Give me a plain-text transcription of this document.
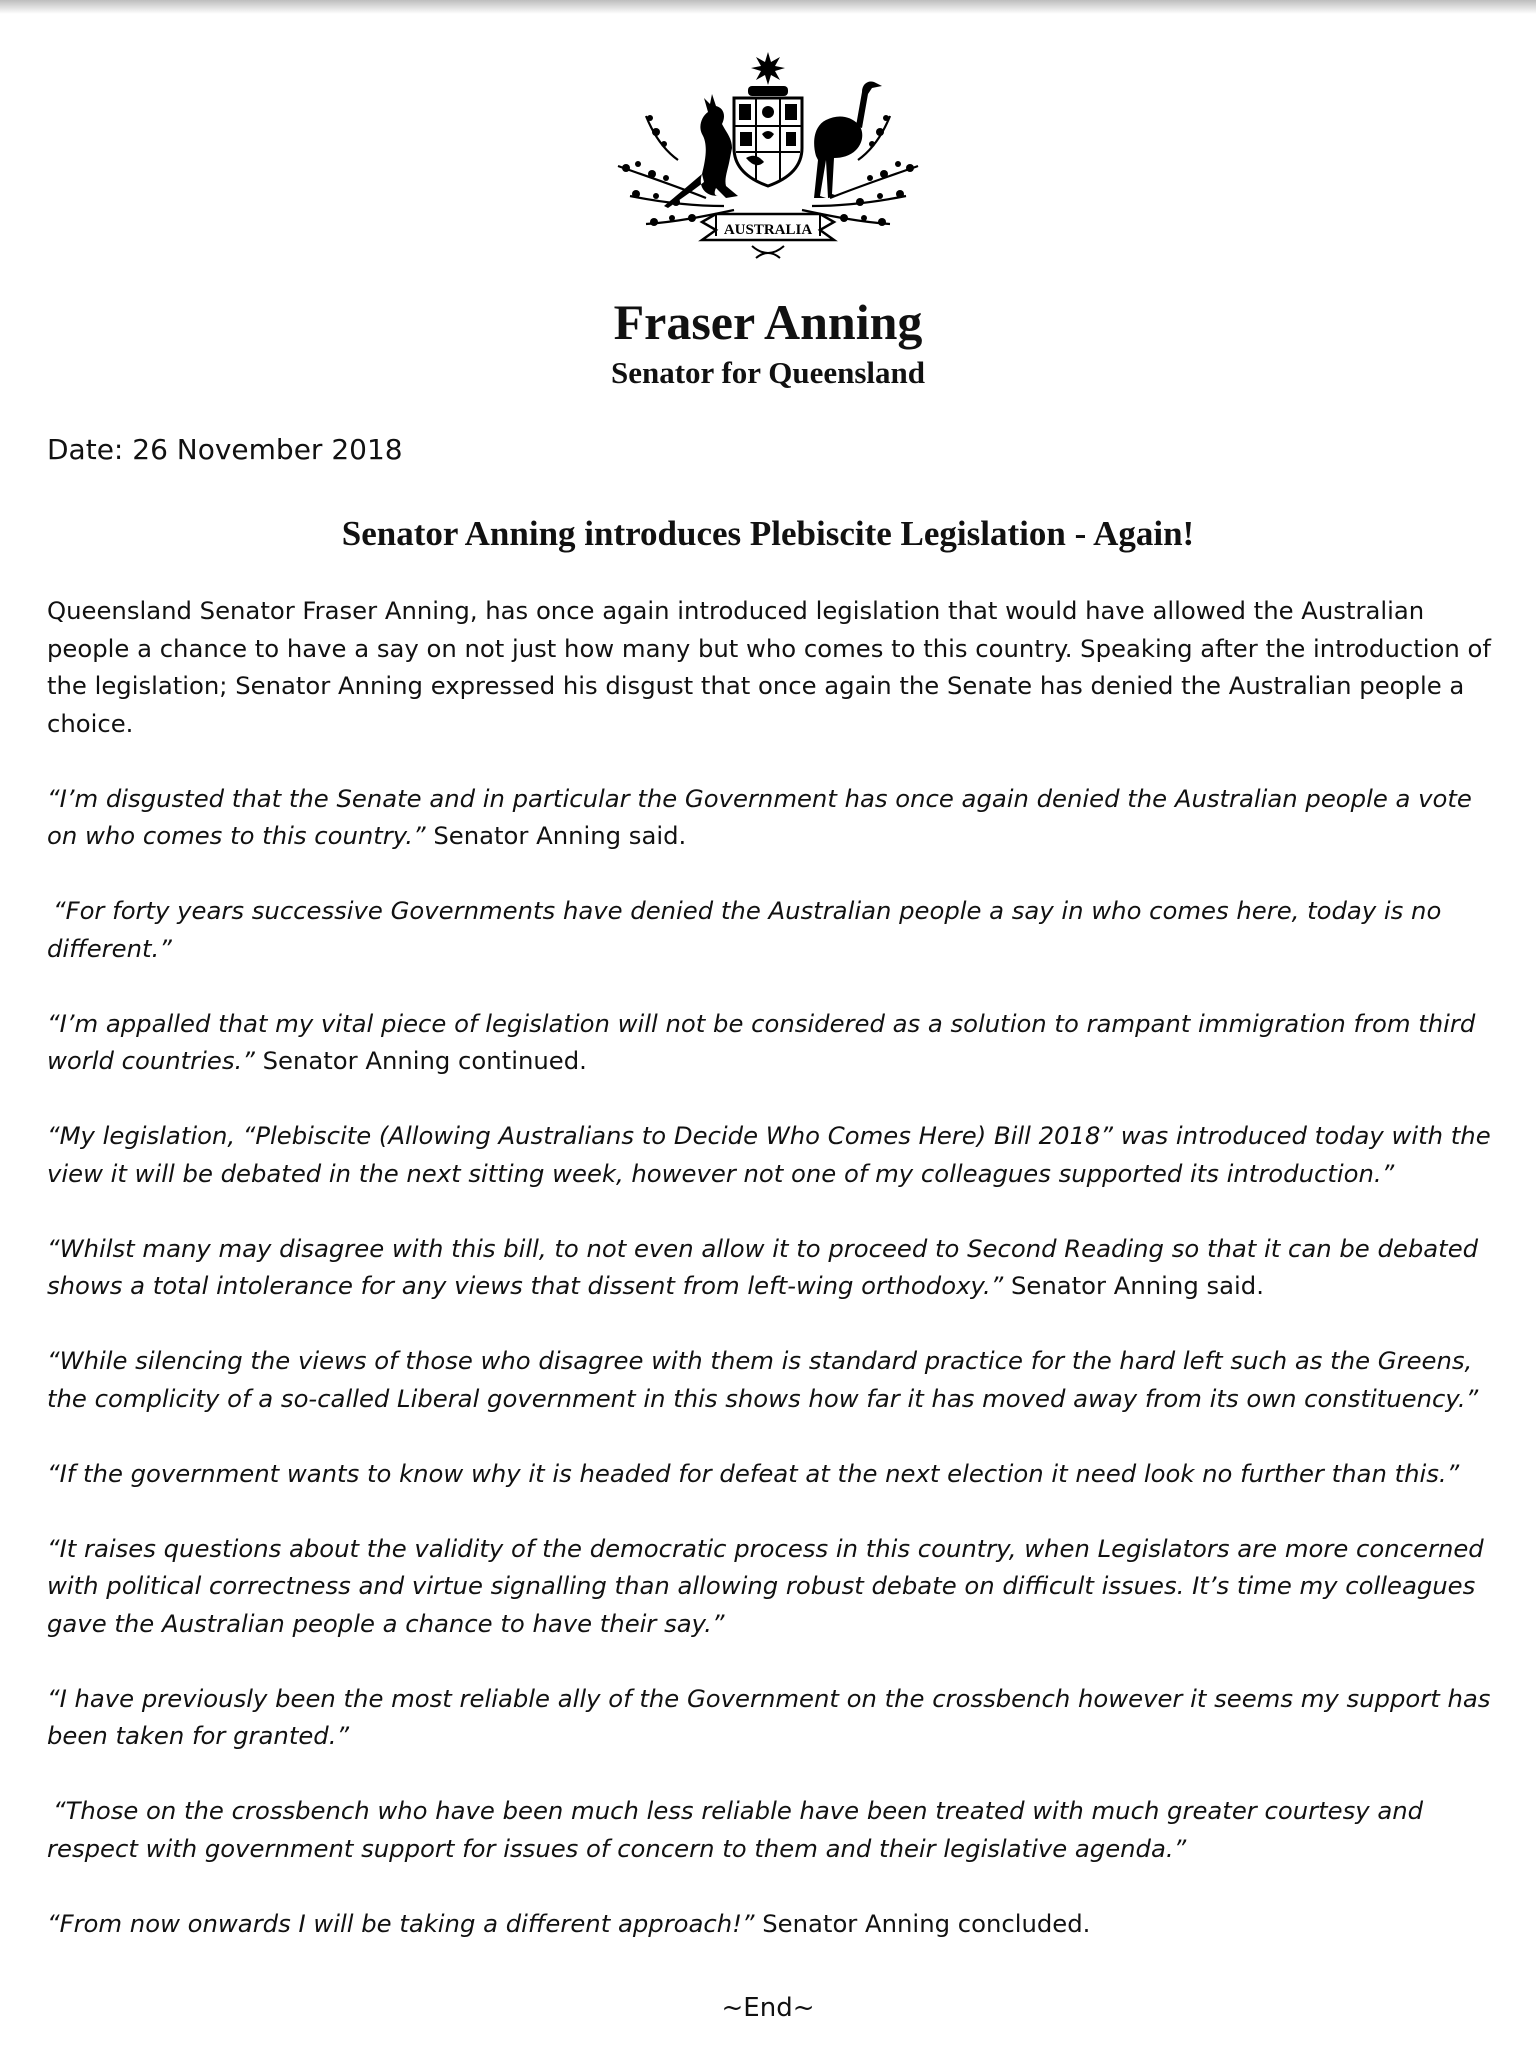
AUSTRALIA
Fraser Anning
Senator for Queensland

Date: 26 November 2018

Senator Anning introduces Plebiscite Legislation - Again!

Queensland Senator Fraser Anning, has once again introduced legislation that would have allowed the Australian people a chance to have a say on not just how many but who comes to this country. Speaking after the introduction of the legislation; Senator Anning expressed his disgust that once again the Senate has denied the Australian people a choice.

“I’m disgusted that the Senate and in particular the Government has once again denied the Australian people a vote on who comes to this country.” Senator Anning said.

“For forty years successive Governments have denied the Australian people a say in who comes here, today is no different.”

“I’m appalled that my vital piece of legislation will not be considered as a solution to rampant immigration from third world countries.” Senator Anning continued.

“My legislation, “Plebiscite (Allowing Australians to Decide Who Comes Here) Bill 2018” was introduced today with the view it will be debated in the next sitting week, however not one of my colleagues supported its introduction.”

“Whilst many may disagree with this bill, to not even allow it to proceed to Second Reading so that it can be debated shows a total intolerance for any views that dissent from left-wing orthodoxy.” Senator Anning said.

“While silencing the views of those who disagree with them is standard practice for the hard left such as the Greens, the complicity of a so-called Liberal government in this shows how far it has moved away from its own constituency.”

“If the government wants to know why it is headed for defeat at the next election it need look no further than this.”

“It raises questions about the validity of the democratic process in this country, when Legislators are more concerned with political correctness and virtue signalling than allowing robust debate on difficult issues. It’s time my colleagues gave the Australian people a chance to have their say.”

“I have previously been the most reliable ally of the Government on the crossbench however it seems my support has been taken for granted.”

“Those on the crossbench who have been much less reliable have been treated with much greater courtesy and respect with government support for issues of concern to them and their legislative agenda.”

“From now onwards I will be taking a different approach!” Senator Anning concluded.

~End~
